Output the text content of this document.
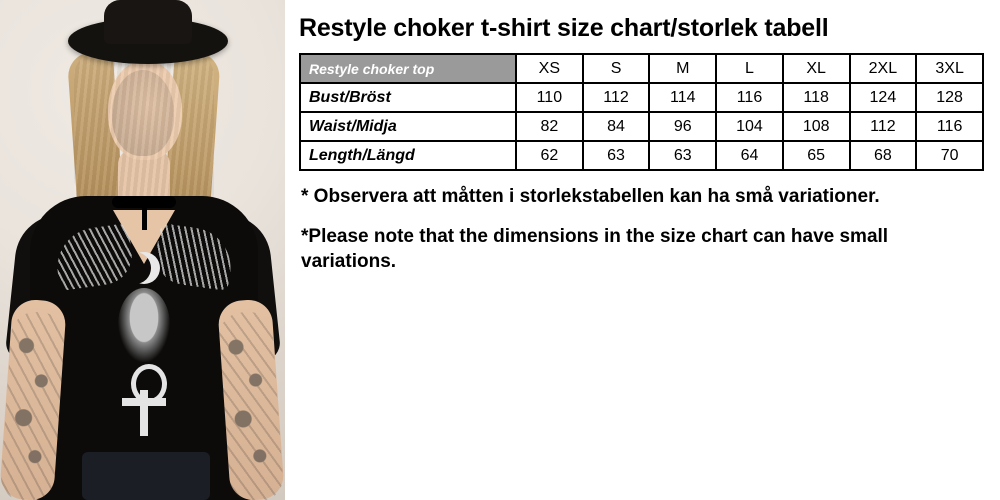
Restyle choker t-shirt size chart/storlek tabell
Restyle choker top	XS	S	M	L	XL	2XL	3XL
Bust/Bröst	110	112	114	116	118	124	128
Waist/Midja	82	84	96	104	108	112	116
Length/Längd	62	63	63	64	65	68	70

* Observera att måtten i storlekstabellen kan ha små variationer.

*Please note that the dimensions in the size chart can have small variations.
